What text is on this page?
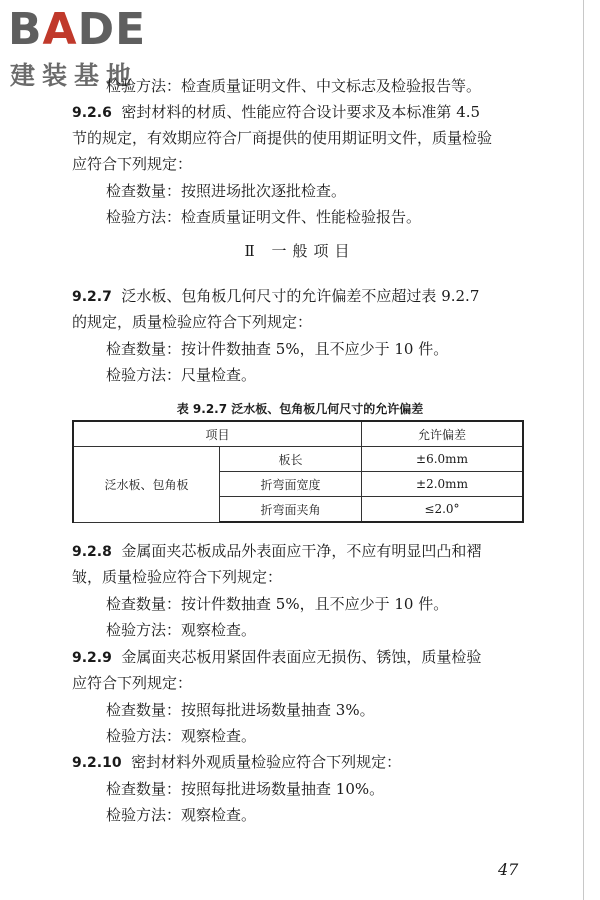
BADE
建装基地
检验方法：检查质量证明文件、中文标志及检验报告等。
9.2.6 密封材料的材质、性能应符合设计要求及本标准第 4.5
节的规定，有效期应符合厂商提供的使用期证明文件，质量检验
应符合下列规定：
检查数量：按照进场批次逐批检查。
检验方法：检查质量证明文件、性能检验报告。
Ⅱ 一般项目
9.2.7 泛水板、包角板几何尺寸的允许偏差不应超过表 9.2.7
的规定，质量检验应符合下列规定：
检查数量：按计件数抽查 5%，且不应少于 10 件。
检验方法：尺量检查。
表 9.2.7 泛水板、包角板几何尺寸的允许偏差
项目		允许偏差
泛水板、包角板	板长	±6.0mm
	折弯面宽度	±2.0mm
	折弯面夹角	≤2.0°
9.2.8 金属面夹芯板成品外表面应干净，不应有明显凹凸和褶
皱，质量检验应符合下列规定：
检查数量：按计件数抽查 5%，且不应少于 10 件。
检验方法：观察检查。
9.2.9 金属面夹芯板用紧固件表面应无损伤、锈蚀，质量检验
应符合下列规定：
检查数量：按照每批进场数量抽查 3%。
检验方法：观察检查。
9.2.10 密封材料外观质量检验应符合下列规定：
检查数量：按照每批进场数量抽查 10%。
检验方法：观察检查。
47
